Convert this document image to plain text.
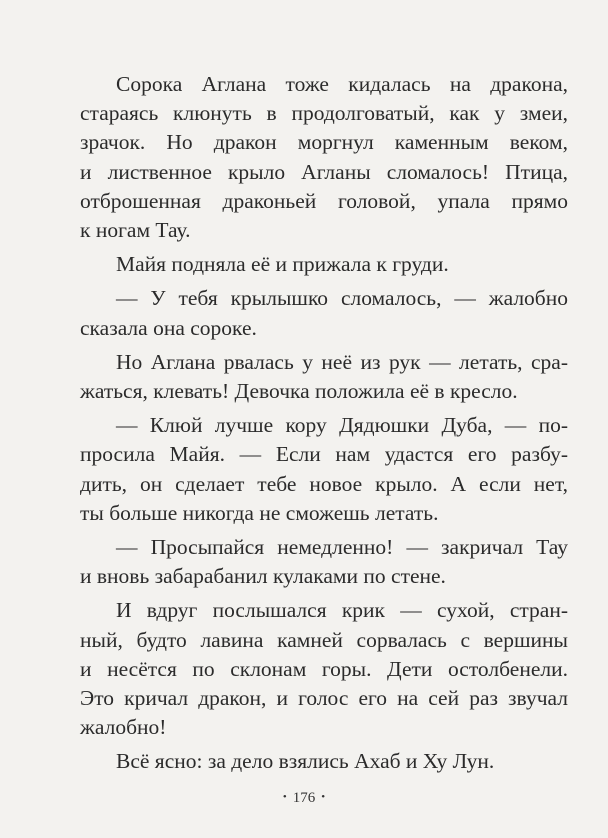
Сорока Аглана тоже кидалась на дракона,
стараясь клюнуть в продолговатый, как у змеи,
зрачок. Но дракон моргнул каменным веком,
и лиственное крыло Агланы сломалось! Птица,
отброшенная драконьей головой, упала прямо
к ногам Тау.
Майя подняла её и прижала к груди.
— У тебя крылышко сломалось, — жалобно
сказала она сороке.
Но Аглана рвалась у неё из рук — летать, сра-
жаться, клевать! Девочка положила её в кресло.
— Клюй лучше кору Дядюшки Дуба, — по-
просила Майя. — Если нам удастся его разбу-
дить, он сделает тебе новое крыло. А если нет,
ты больше никогда не сможешь летать.
— Просыпайся немедленно! — закричал Тау
и вновь забарабанил кулаками по стене.
И вдруг послышался крик — сухой, стран-
ный, будто лавина камней сорвалась с вершины
и несётся по склонам горы. Дети остолбенели.
Это кричал дракон, и голос его на сей раз звучал
жалобно!
Всё ясно: за дело взялись Ахаб и Ху Лун.
• 176 •
